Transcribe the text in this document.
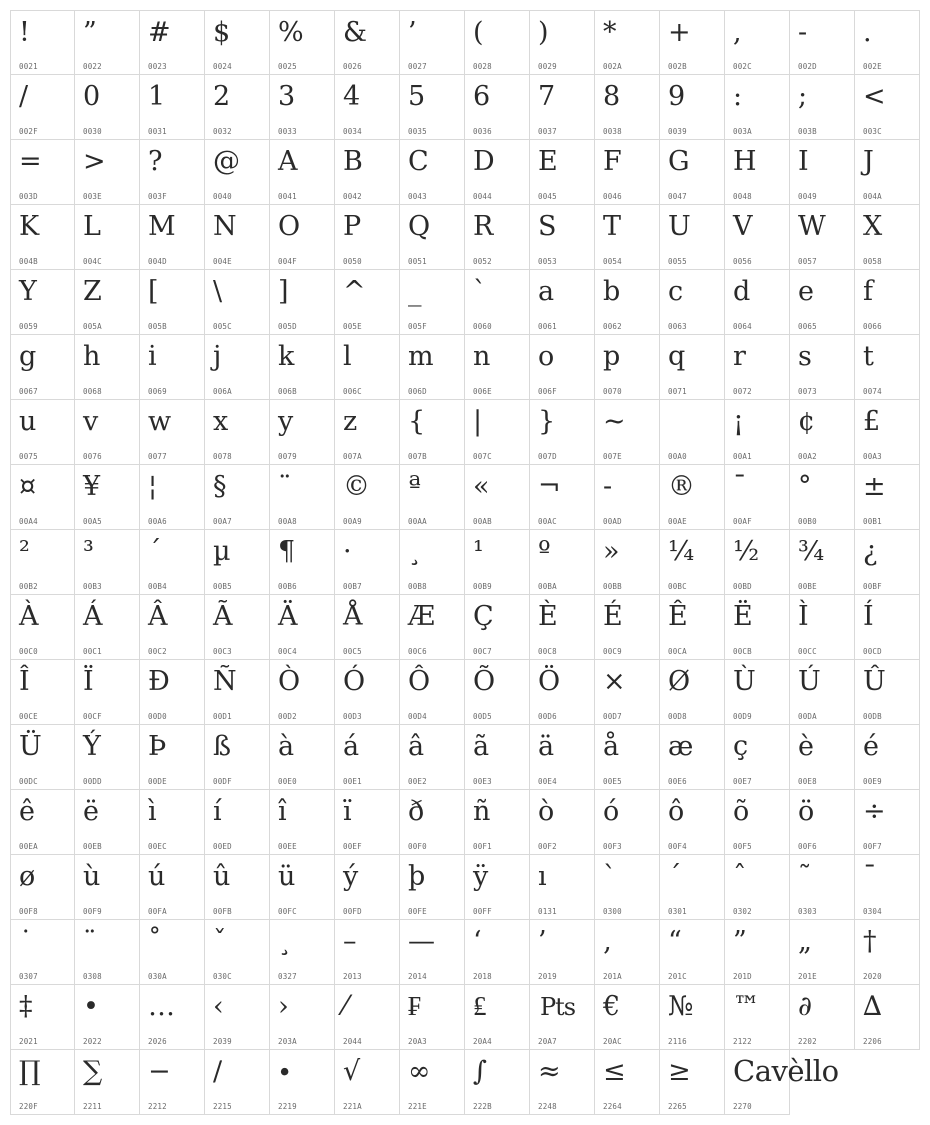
!
0021
”
0022
#
0023
$
0024
%
0025
&
0026
’
0027
(
0028
)
0029
*
002A
+
002B
,
002C
-
002D
.
002E
/
002F
0
0030
1
0031
2
0032
3
0033
4
0034
5
0035
6
0036
7
0037
8
0038
9
0039
:
003A
;
003B
<
003C
=
003D
>
003E
?
003F
@
0040
A
0041
B
0042
C
0043
D
0044
E
0045
F
0046
G
0047
H
0048
I
0049
J
004A
K
004B
L
004C
M
004D
N
004E
O
004F
P
0050
Q
0051
R
0052
S
0053
T
0054
U
0055
V
0056
W
0057
X
0058
Y
0059
Z
005A
[
005B
\
005C
]
005D
^
005E
_
005F
`
0060
a
0061
b
0062
c
0063
d
0064
e
0065
f
0066
g
0067
h
0068
i
0069
j
006A
k
006B
l
006C
m
006D
n
006E
o
006F
p
0070
q
0071
r
0072
s
0073
t
0074
u
0075
v
0076
w
0077
x
0078
y
0079
z
007A
{
007B
|
007C
}
007D
~
007E	00A0
¡
00A1
¢
00A2
£
00A3
¤
00A4
¥
00A5
¦
00A6
§
00A7
¨
00A8
©
00A9
ª
00AA
«
00AB
¬
00AC
-
00AD
®
00AE
¯
00AF
°
00B0
±
00B1
²
00B2
³
00B3
´
00B4
µ
00B5
¶
00B6
·
00B7
¸
00B8
¹
00B9
º
00BA
»
00BB
¼
00BC
½
00BD
¾
00BE
¿
00BF
À
00C0
Á
00C1
Â
00C2
Ã
00C3
Ä
00C4
Å
00C5
Æ
00C6
Ç
00C7
È
00C8
É
00C9
Ê
00CA
Ë
00CB
Ì
00CC
Í
00CD
Î
00CE
Ï
00CF
Ð
00D0
Ñ
00D1
Ò
00D2
Ó
00D3
Ô
00D4
Õ
00D5
Ö
00D6
×
00D7
Ø
00D8
Ù
00D9
Ú
00DA
Û
00DB
Ü
00DC
Ý
00DD
Þ
00DE
ß
00DF
à
00E0
á
00E1
â
00E2
ã
00E3
ä
00E4
å
00E5
æ
00E6
ç
00E7
è
00E8
é
00E9
ê
00EA
ë
00EB
ì
00EC
í
00ED
î
00EE
ï
00EF
ð
00F0
ñ
00F1
ò
00F2
ó
00F3
ô
00F4
õ
00F5
ö
00F6
÷
00F7
ø
00F8
ù
00F9
ú
00FA
û
00FB
ü
00FC
ý
00FD
þ
00FE
ÿ
00FF
ı
0131
ˋ
0300
ˊ
0301
ˆ
0302
˜
0303
ˉ
0304
˙
0307
¨
0308
˚
030A
ˇ
030C
¸
0327
–
2013
—
2014
‘
2018
’
2019
‚
201A
“
201C
”
201D
„
201E
†
2020
‡
2021
•
2022
…
2026
‹
2039
›
203A
⁄
2044
₣
20A3
₤
20A4
Pts
20A7
€
20AC
№
2116
™
2122
∂
2202
∆
2206
∏
220F
∑
2211
−
2212
∕
2215
∙
2219
√
221A
∞
221E
∫
222B
≈
2248
≤
2264
≥
2265	2270
Cavèllo
